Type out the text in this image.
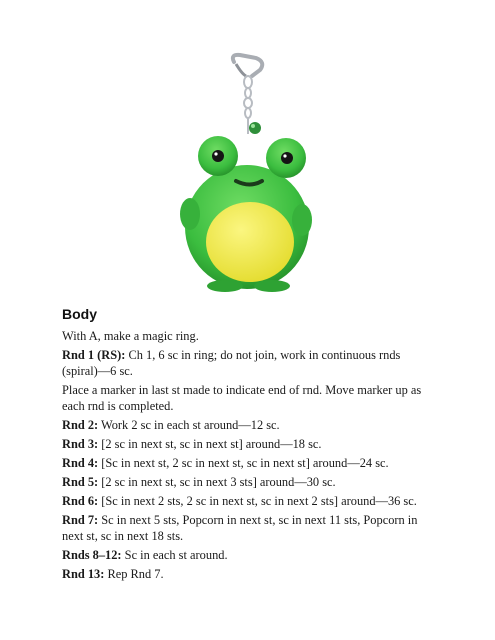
Body

With A, make a magic ring.

Rnd 1 (RS): Ch 1, 6 sc in ring; do not join, work in continuous rnds (spiral)—6 sc.

Place a marker in last st made to indicate end of rnd. Move marker up as each rnd is completed.

Rnd 2: Work 2 sc in each st around—12 sc.

Rnd 3: [2 sc in next st, sc in next st] around—18 sc.

Rnd 4: [Sc in next st, 2 sc in next st, sc in next st] around—24 sc.

Rnd 5: [2 sc in next st, sc in next 3 sts] around—30 sc.

Rnd 6: [Sc in next 2 sts, 2 sc in next st, sc in next 2 sts] around—36 sc.

Rnd 7: Sc in next 5 sts, Popcorn in next st, sc in next 11 sts, Popcorn in next st, sc in next 18 sts.

Rnds 8–12: Sc in each st around.

Rnd 13: Rep Rnd 7.
